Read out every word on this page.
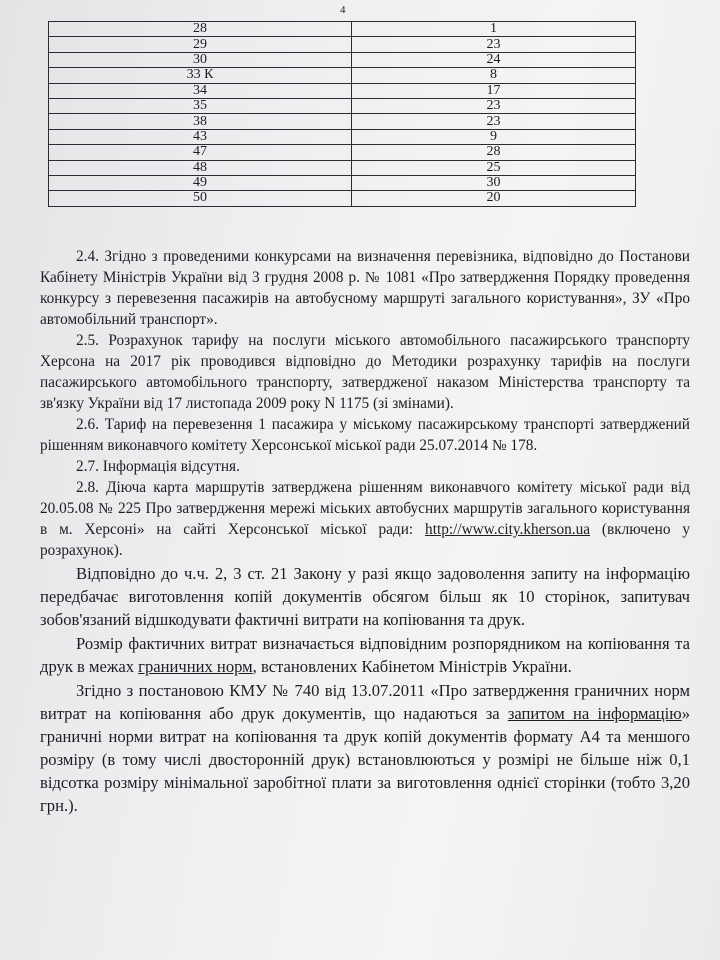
4
28	1
29	23
30	24
33 К	8
34	17
35	23
38	23
43	9
47	28
48	25
49	30
50	20

2.4. Згідно з проведеними конкурсами на визначення перевізника, відповідно до Постанови Кабінету Міністрів України від 3 грудня 2008 р. № 1081 «Про затвердження Порядку проведення конкурсу з перевезення пасажирів на автобусному маршруті загального користування», ЗУ «Про автомобільний транспорт».

2.5. Розрахунок тарифу на послуги міського автомобільного пасажирського транспорту Херсона на 2017 рік проводився відповідно до Методики розрахунку тарифів на послуги пасажирського автомобільного транспорту, затвердженої наказом Міністерства транспорту та зв'язку України від 17 листопада 2009 року N 1175 (зі змінами).

2.6. Тариф на перевезення 1 пасажира у міському пасажирському транспорті затверджений рішенням виконавчого комітету Херсонської міської ради 25.07.2014 № 178.

2.7. Інформація відсутня.

2.8. Діюча карта маршрутів затверджена рішенням виконавчого комітету міської ради від 20.05.08 № 225 Про затвердження мережі міських автобусних маршрутів загального користування в м. Херсоні» на сайті Херсонської міської ради: http://www.city.kherson.ua (включено у розрахунок).

Відповідно до ч.ч. 2, 3 ст. 21 Закону у разі якщо задоволення запиту на інформацію передбачає виготовлення копій документів обсягом більш як 10 сторінок, запитувач зобов'язаний відшкодувати фактичні витрати на копіювання та друк.

Розмір фактичних витрат визначається відповідним розпорядником на копіювання та друк в межах граничних норм, встановлених Кабінетом Міністрів України.

Згідно з постановою КМУ № 740 від 13.07.2011 «Про затвердження граничних норм витрат на копіювання або друк документів, що надаються за запитом на інформацію» граничні норми витрат на копіювання та друк копій документів формату А4 та меншого розміру (в тому числі двосторонній друк) встановлюються у розмірі не більше ніж 0,1 відсотка розміру мінімальної заробітної плати за виготовлення однієї сторінки (тобто 3,20 грн.).
